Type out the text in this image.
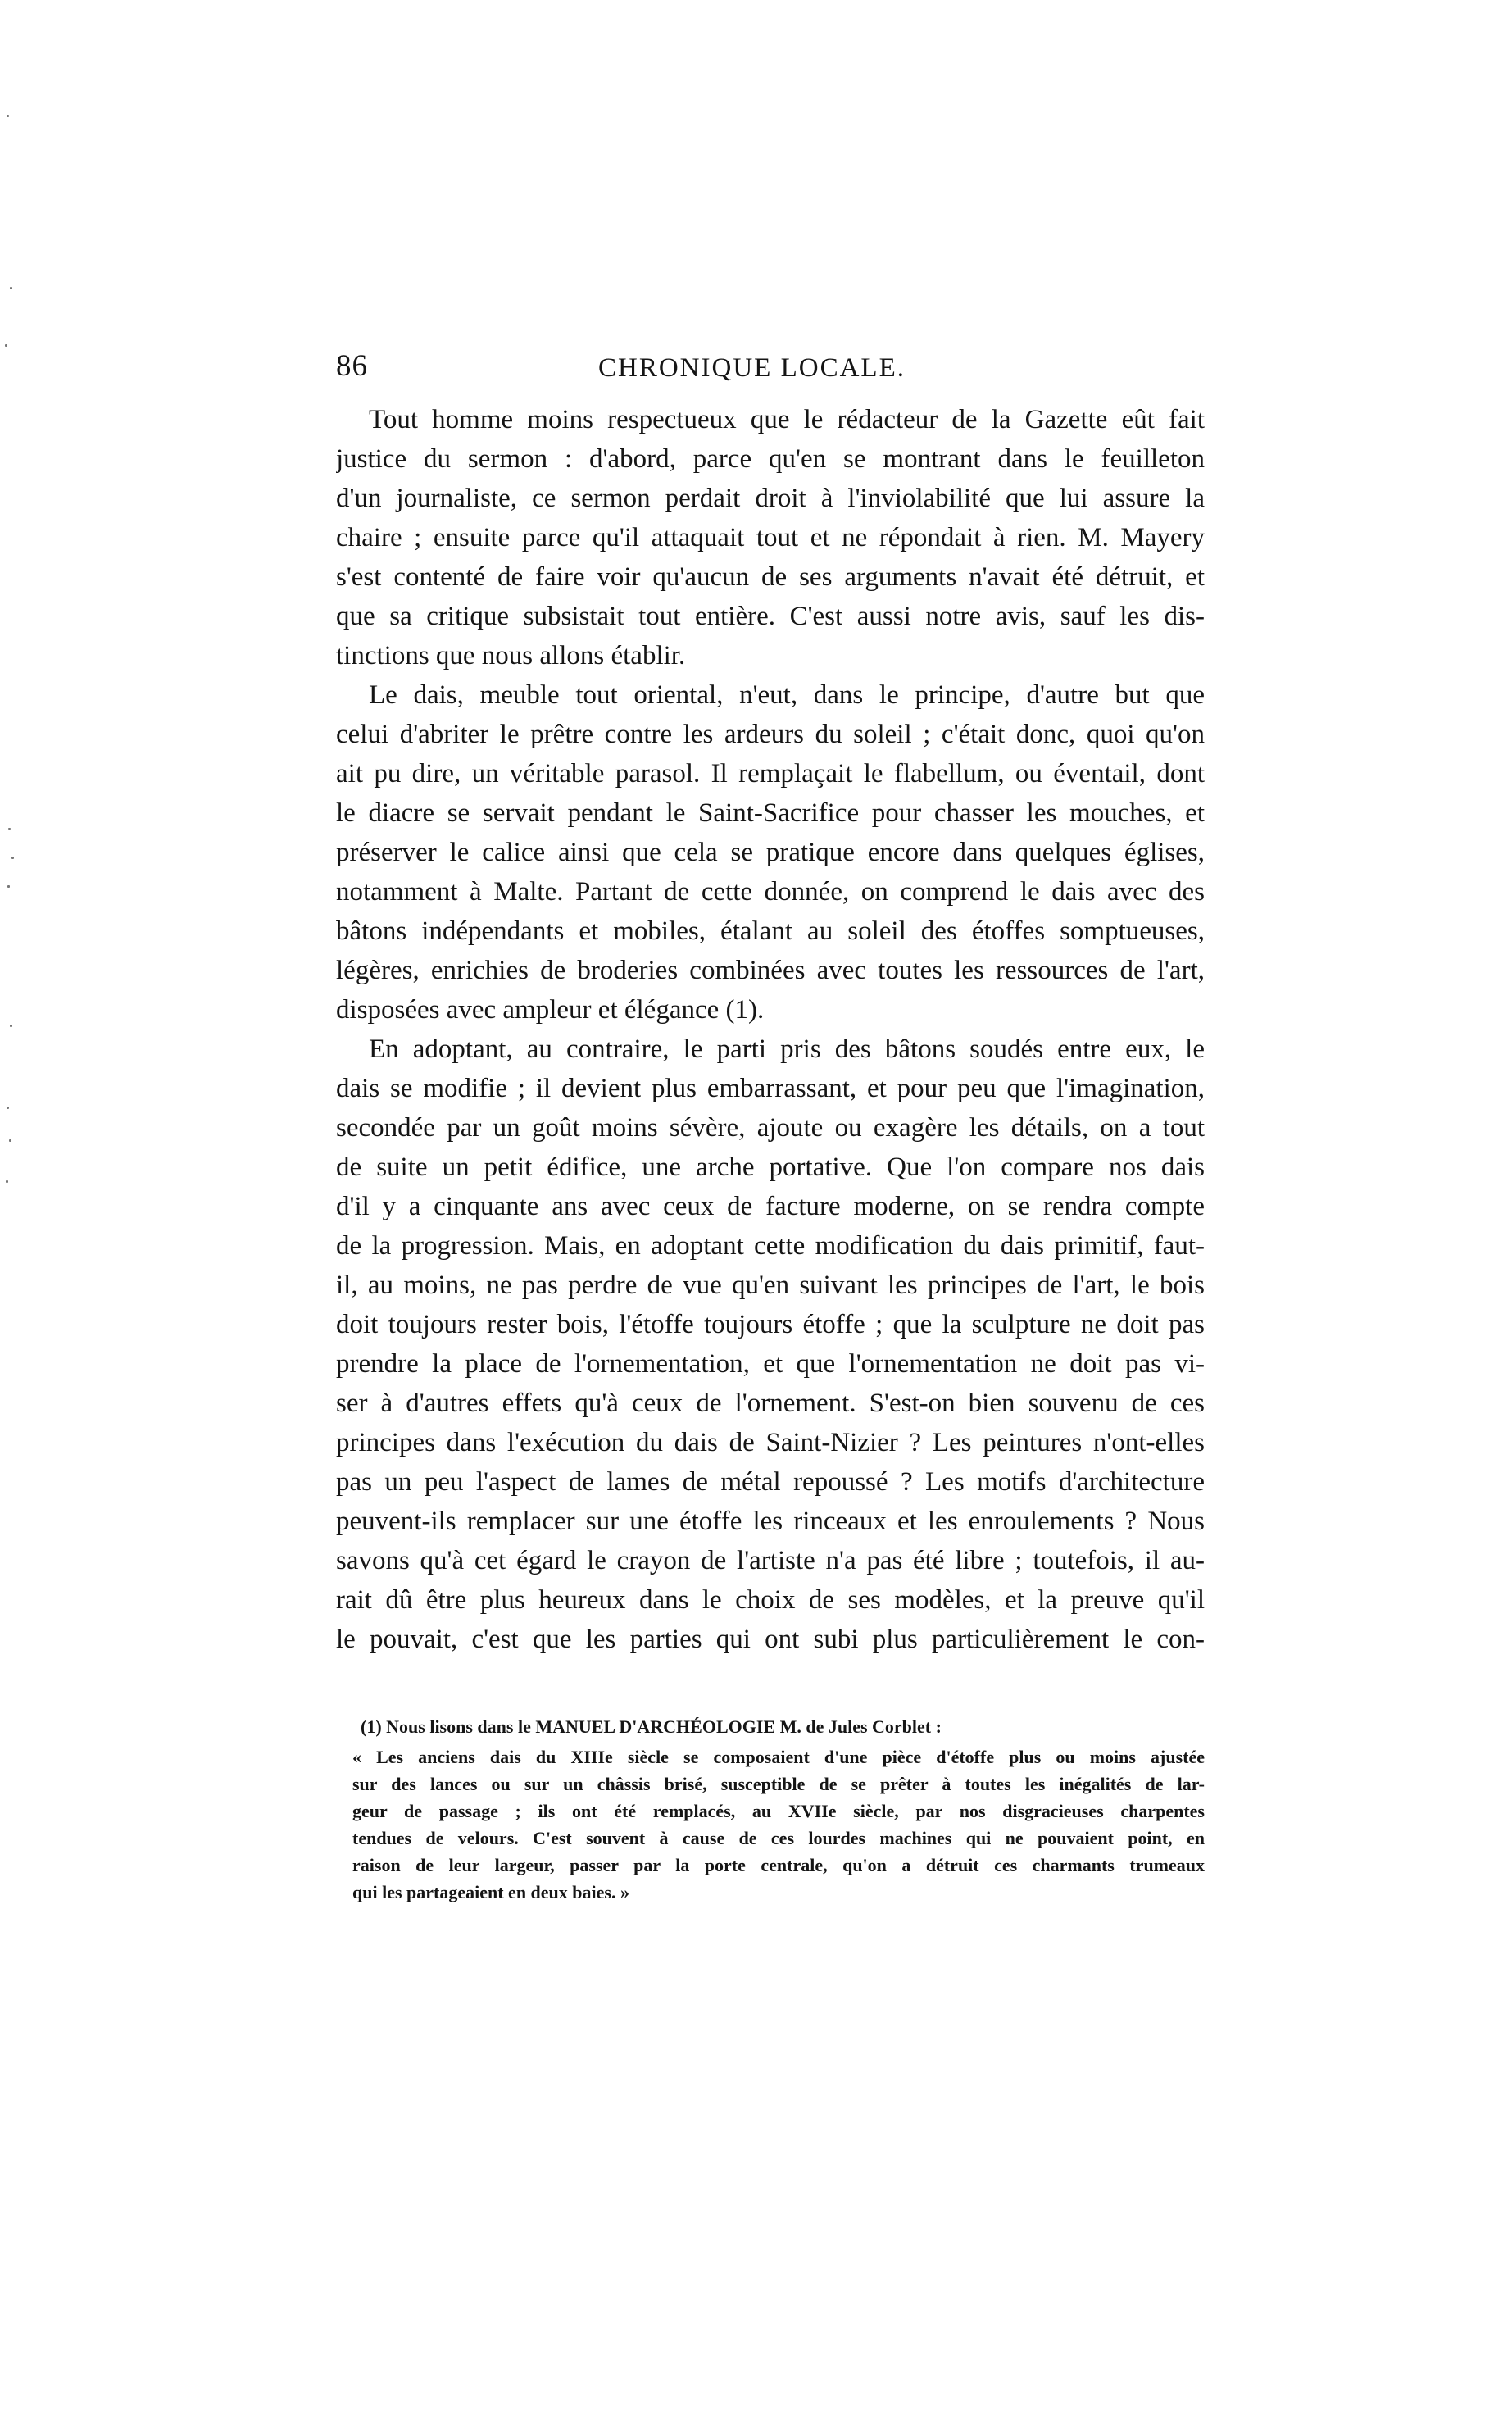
86	CHRONIQUE LOCALE.
Tout homme moins respectueux que le rédacteur de la Gazette eût fait
justice du sermon : d'abord, parce qu'en se montrant dans le feuilleton
d'un journaliste, ce sermon perdait droit à l'inviolabilité que lui assure la
chaire ; ensuite parce qu'il attaquait tout et ne répondait à rien. M. Mayery
s'est contenté de faire voir qu'aucun de ses arguments n'avait été détruit, et
que sa critique subsistait tout entière. C'est aussi notre avis, sauf les dis-
tinctions que nous allons établir.
Le dais, meuble tout oriental, n'eut, dans le principe, d'autre but que
celui d'abriter le prêtre contre les ardeurs du soleil ; c'était donc, quoi qu'on
ait pu dire, un véritable parasol. Il remplaçait le flabellum, ou éventail, dont
le diacre se servait pendant le Saint-Sacrifice pour chasser les mouches, et
préserver le calice ainsi que cela se pratique encore dans quelques églises,
notamment à Malte. Partant de cette donnée, on comprend le dais avec des
bâtons indépendants et mobiles, étalant au soleil des étoffes somptueuses,
légères, enrichies de broderies combinées avec toutes les ressources de l'art,
disposées avec ampleur et élégance (1).
En adoptant, au contraire, le parti pris des bâtons soudés entre eux, le
dais se modifie ; il devient plus embarrassant, et pour peu que l'imagination,
secondée par un goût moins sévère, ajoute ou exagère les détails, on a tout
de suite un petit édifice, une arche portative. Que l'on compare nos dais
d'il y a cinquante ans avec ceux de facture moderne, on se rendra compte
de la progression. Mais, en adoptant cette modification du dais primitif, faut-
il, au moins, ne pas perdre de vue qu'en suivant les principes de l'art, le bois
doit toujours rester bois, l'étoffe toujours étoffe ; que la sculpture ne doit pas
prendre la place de l'ornementation, et que l'ornementation ne doit pas vi-
ser à d'autres effets qu'à ceux de l'ornement. S'est-on bien souvenu de ces
principes dans l'exécution du dais de Saint-Nizier ? Les peintures n'ont-elles
pas un peu l'aspect de lames de métal repoussé ? Les motifs d'architecture
peuvent-ils remplacer sur une étoffe les rinceaux et les enroulements ? Nous
savons qu'à cet égard le crayon de l'artiste n'a pas été libre ; toutefois, il au-
rait dû être plus heureux dans le choix de ses modèles, et la preuve qu'il
le pouvait, c'est que les parties qui ont subi plus particulièrement le con-
(1) Nous lisons dans le MANUEL D'ARCHÉOLOGIE M. de Jules Corblet :
« Les anciens dais du XIIIe siècle se composaient d'une pièce d'étoffe plus ou moins ajustée
sur des lances ou sur un châssis brisé, susceptible de se prêter à toutes les inégalités de lar-
geur de passage ; ils ont été remplacés, au XVIIe siècle, par nos disgracieuses charpentes
tendues de velours. C'est souvent à cause de ces lourdes machines qui ne pouvaient point, en
raison de leur largeur, passer par la porte centrale, qu'on a détruit ces charmants trumeaux
qui les partageaient en deux baies. »
